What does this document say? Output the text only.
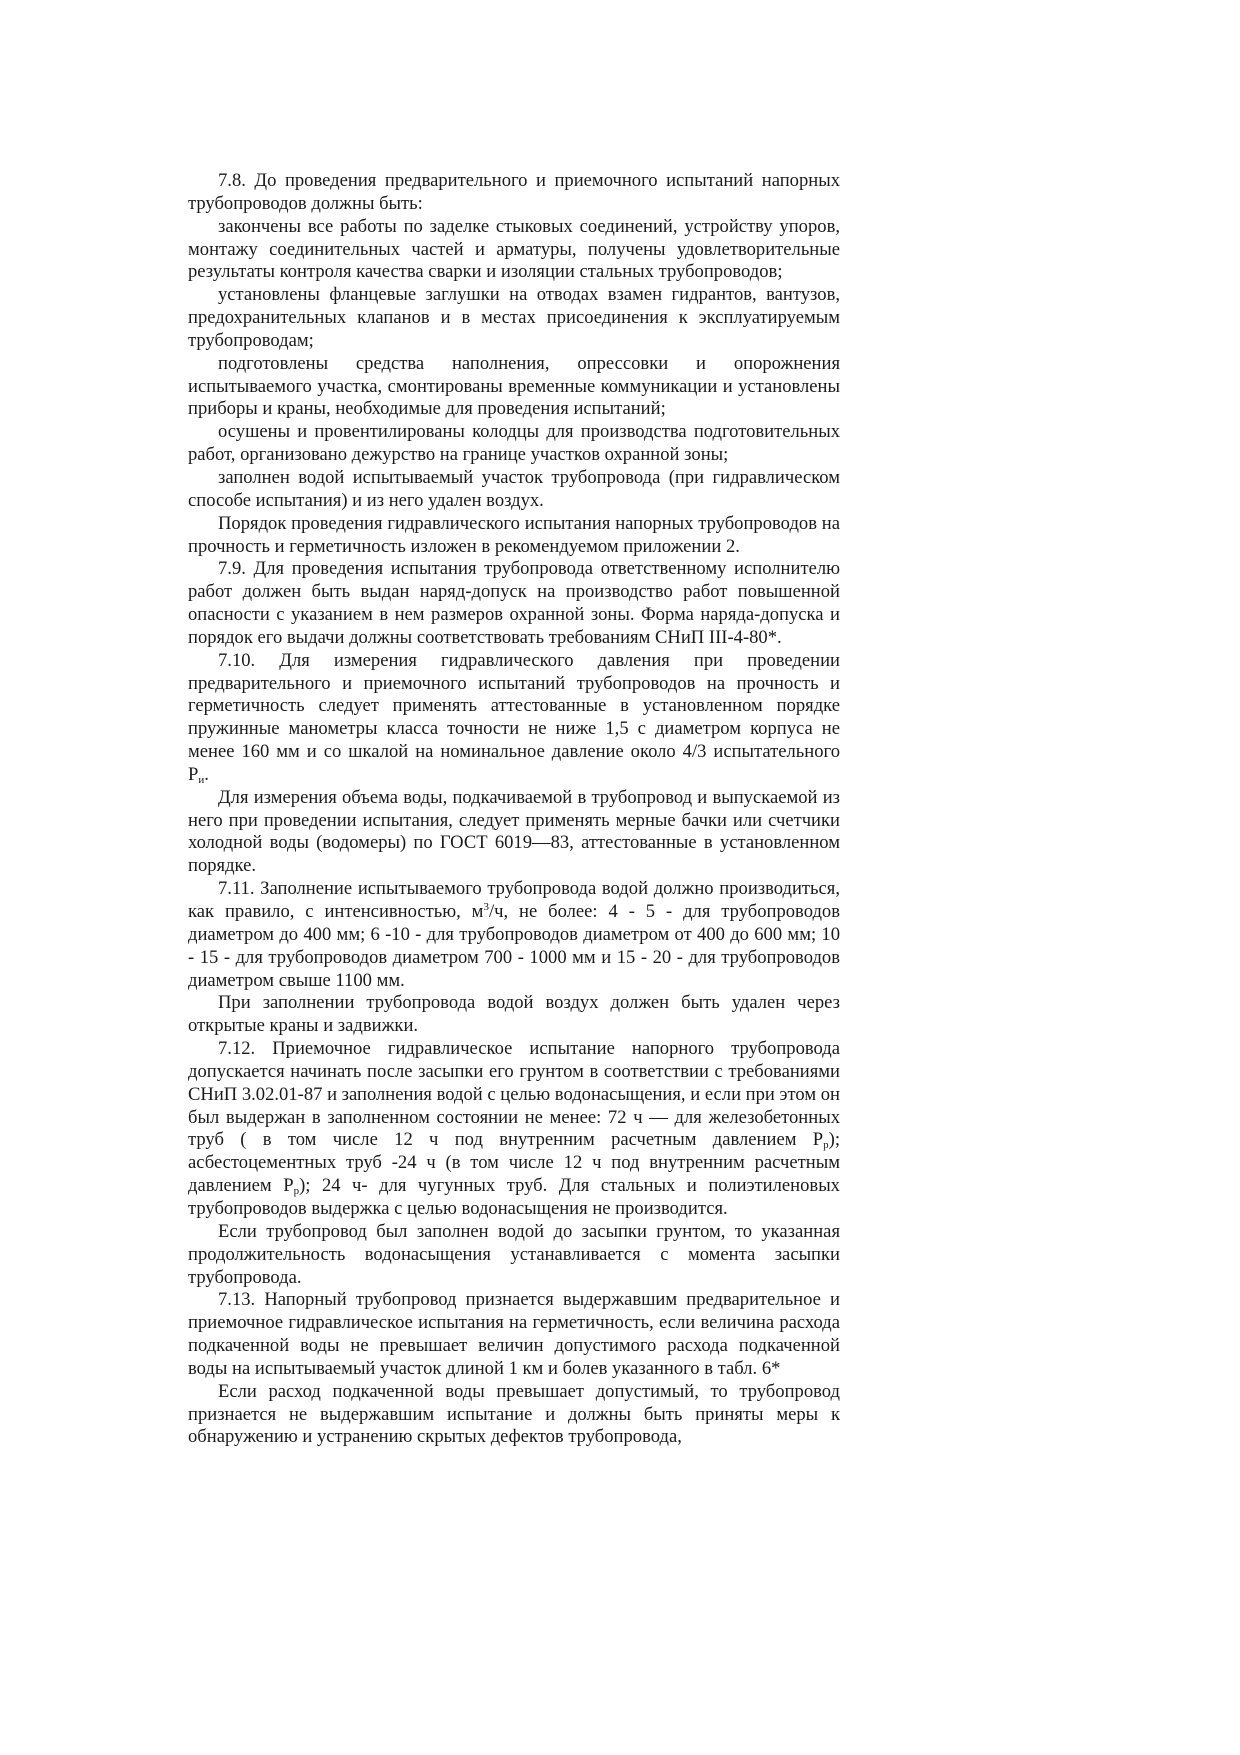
7.8. До проведения предварительного и приемочного испытаний напорных трубопроводов должны быть:

закончены все работы по заделке стыковых соединений, устройству упоров, монтажу соединительных частей и арматуры, получены удовлетворительные результаты контроля качества сварки и изоляции стальных трубопроводов;

установлены фланцевые заглушки на отводах взамен гидрантов, вантузов, предохранительных клапанов и в местах присоединения к эксплуатируемым трубопроводам;

подготовлены средства наполнения, опрессовки и опорожнения испытываемого участка, смонтированы временные коммуникации и установлены приборы и краны, необходимые для проведения испытаний;

осушены и провентилированы колодцы для производства подготовительных работ, организовано дежурство на границе участков охранной зоны;

заполнен водой испытываемый участок трубопровода (при гидравлическом способе испытания) и из него удален воздух.

Порядок проведения гидравлического испытания напорных трубопроводов на прочность и герметичность изложен в рекомендуемом приложении 2.

7.9. Для проведения испытания трубопровода ответственному исполнителю работ должен быть выдан наряд-допуск на производство работ повышенной опасности с указанием в нем размеров охранной зоны. Форма наряда-допуска и порядок его выдачи должны соответствовать требованиям СНиП III-4-80*.

7.10. Для измерения гидравлического давления при проведении предварительного и приемочного испытаний трубопроводов на прочность и герметичность следует применять аттестованные в установленном порядке пружинные манометры класса точности не ниже 1,5 с диаметром корпуса не менее 160 мм и со шкалой на номинальное давление около 4/3 испытательного $Р_и$.

Для измерения объема воды, подкачиваемой в трубопровод и выпускаемой из него при проведении испытания, следует применять мерные бачки или счетчики холодной воды (водомеры) по ГОСТ 6019—83, аттестованные в установленном порядке.

7.11. Заполнение испытываемого трубопровода водой должно производиться, как правило, с интенсивностью, $м^3/ч$, не более: 4 - 5 - для трубопроводов диаметром до 400 мм; 6 -10 - для трубопроводов диаметром от 400 до 600 мм; 10 - 15 - для трубопроводов диаметром 700 - 1000 мм и 15 - 20 - для трубопроводов диаметром свыше 1100 мм.

При заполнении трубопровода водой воздух должен быть удален через открытые краны и задвижки.

7.12. Приемочное гидравлическое испытание напорного трубопровода допускается начинать после засыпки его грунтом в соответствии с требованиями СНиП 3.02.01-87 и заполнения водой с целью водонасыщения, и если при этом он был выдержан в заполненном состоянии не менее: 72 ч — для железобетонных труб ( в том числе 12 ч под внутренним расчетным давлением $Р_р$); асбестоцементных труб -24 ч (в том числе 12 ч под внутренним расчетным давлением $Р_р$); 24 ч- для чугунных труб. Для стальных и полиэтиленовых трубопроводов выдержка с целью водонасыщения не производится.

Если трубопровод был заполнен водой до засыпки грунтом, то указанная продолжительность водонасыщения устанавливается с момента засыпки трубопровода.

7.13. Напорный трубопровод признается выдержавшим предварительное и приемочное гидравлическое испытания на герметичность, если величина расхода подкаченной воды не превышает величин допустимого расхода подкаченной воды на испытываемый участок длиной 1 км и болев указанного в табл. 6*

Если расход подкаченной воды превышает допустимый, то трубопровод признается не выдержавшим испытание и должны быть приняты меры к обнаружению и устранению скрытых дефектов трубопровода,
